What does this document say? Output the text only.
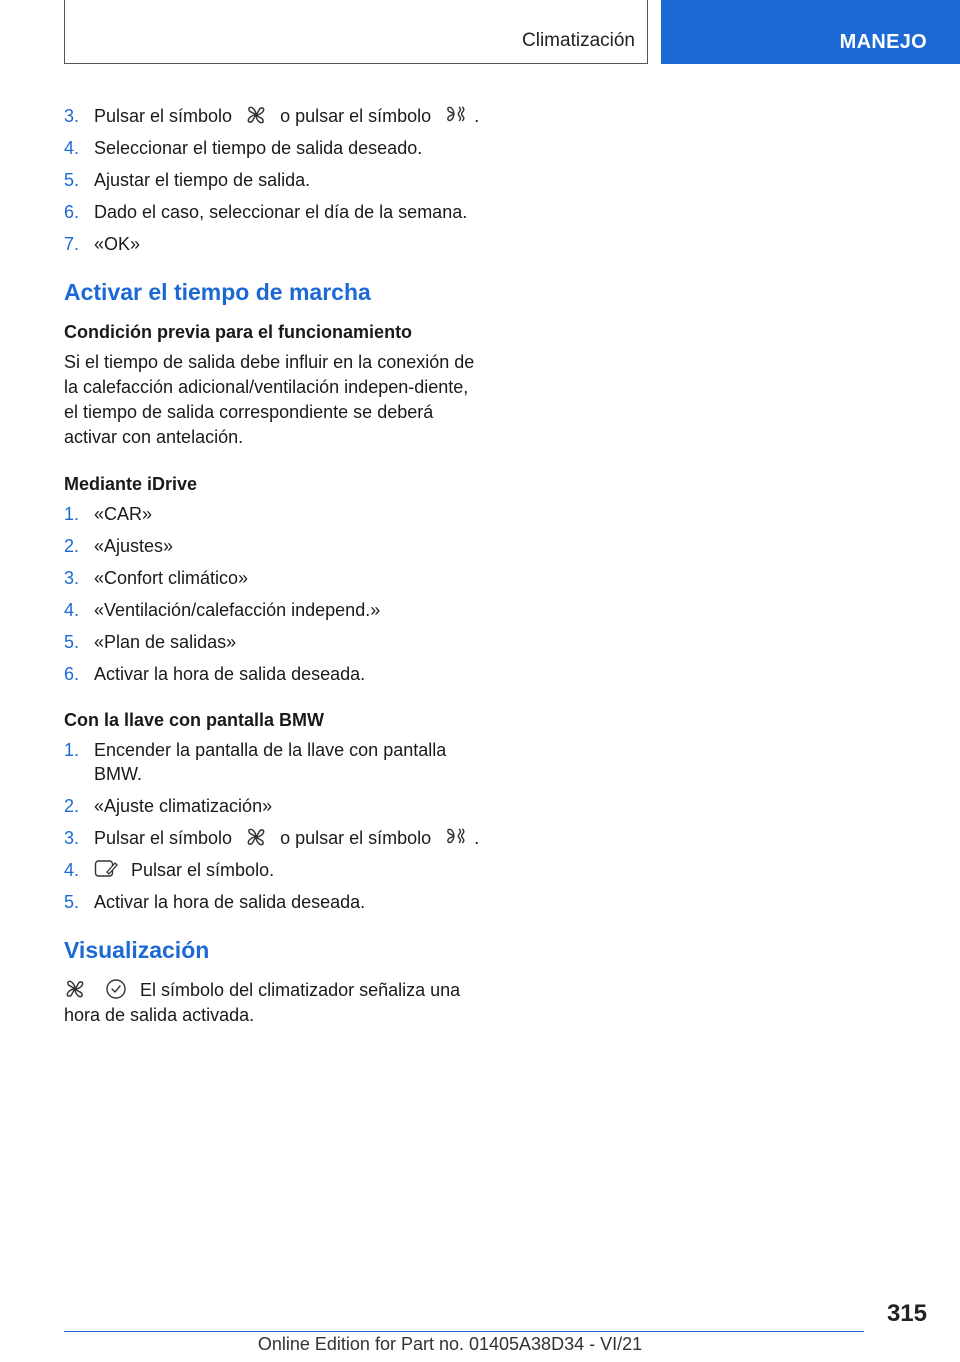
Climatización	MANEJO
3. Pulsar el símbolo	o pulsar el símbolo .
4. Seleccionar el tiempo de salida deseado.
5. Ajustar el tiempo de salida.
6. Dado el caso, seleccionar el día de la semana.
7. «OK»
Activar el tiempo de marcha
Condición previa para el funcionamiento

Si el tiempo de salida debe influir en la conexión de la calefacción adicional/ventilación indepen‐diente, el tiempo de salida correspondiente se deberá activar con antelación.

Mediante iDrive
1. «CAR»
2. «Ajustes»
3. «Confort climático»
4. «Ventilación/calefacción independ.»
5. «Plan de salidas»
6. Activar la hora de salida deseada.
Con la llave con pantalla BMW
1. Encender la pantalla de la llave con pantalla BMW.
2. «Ajuste climatización»
3. Pulsar el símbolo	o pulsar el símbolo .
4.	Pulsar el símbolo.
5. Activar la hora de salida deseada.
Visualización

El símbolo del climatizador señaliza una hora de salida activada.

315
Online Edition for Part no. 01405A38D34 - VI/21
